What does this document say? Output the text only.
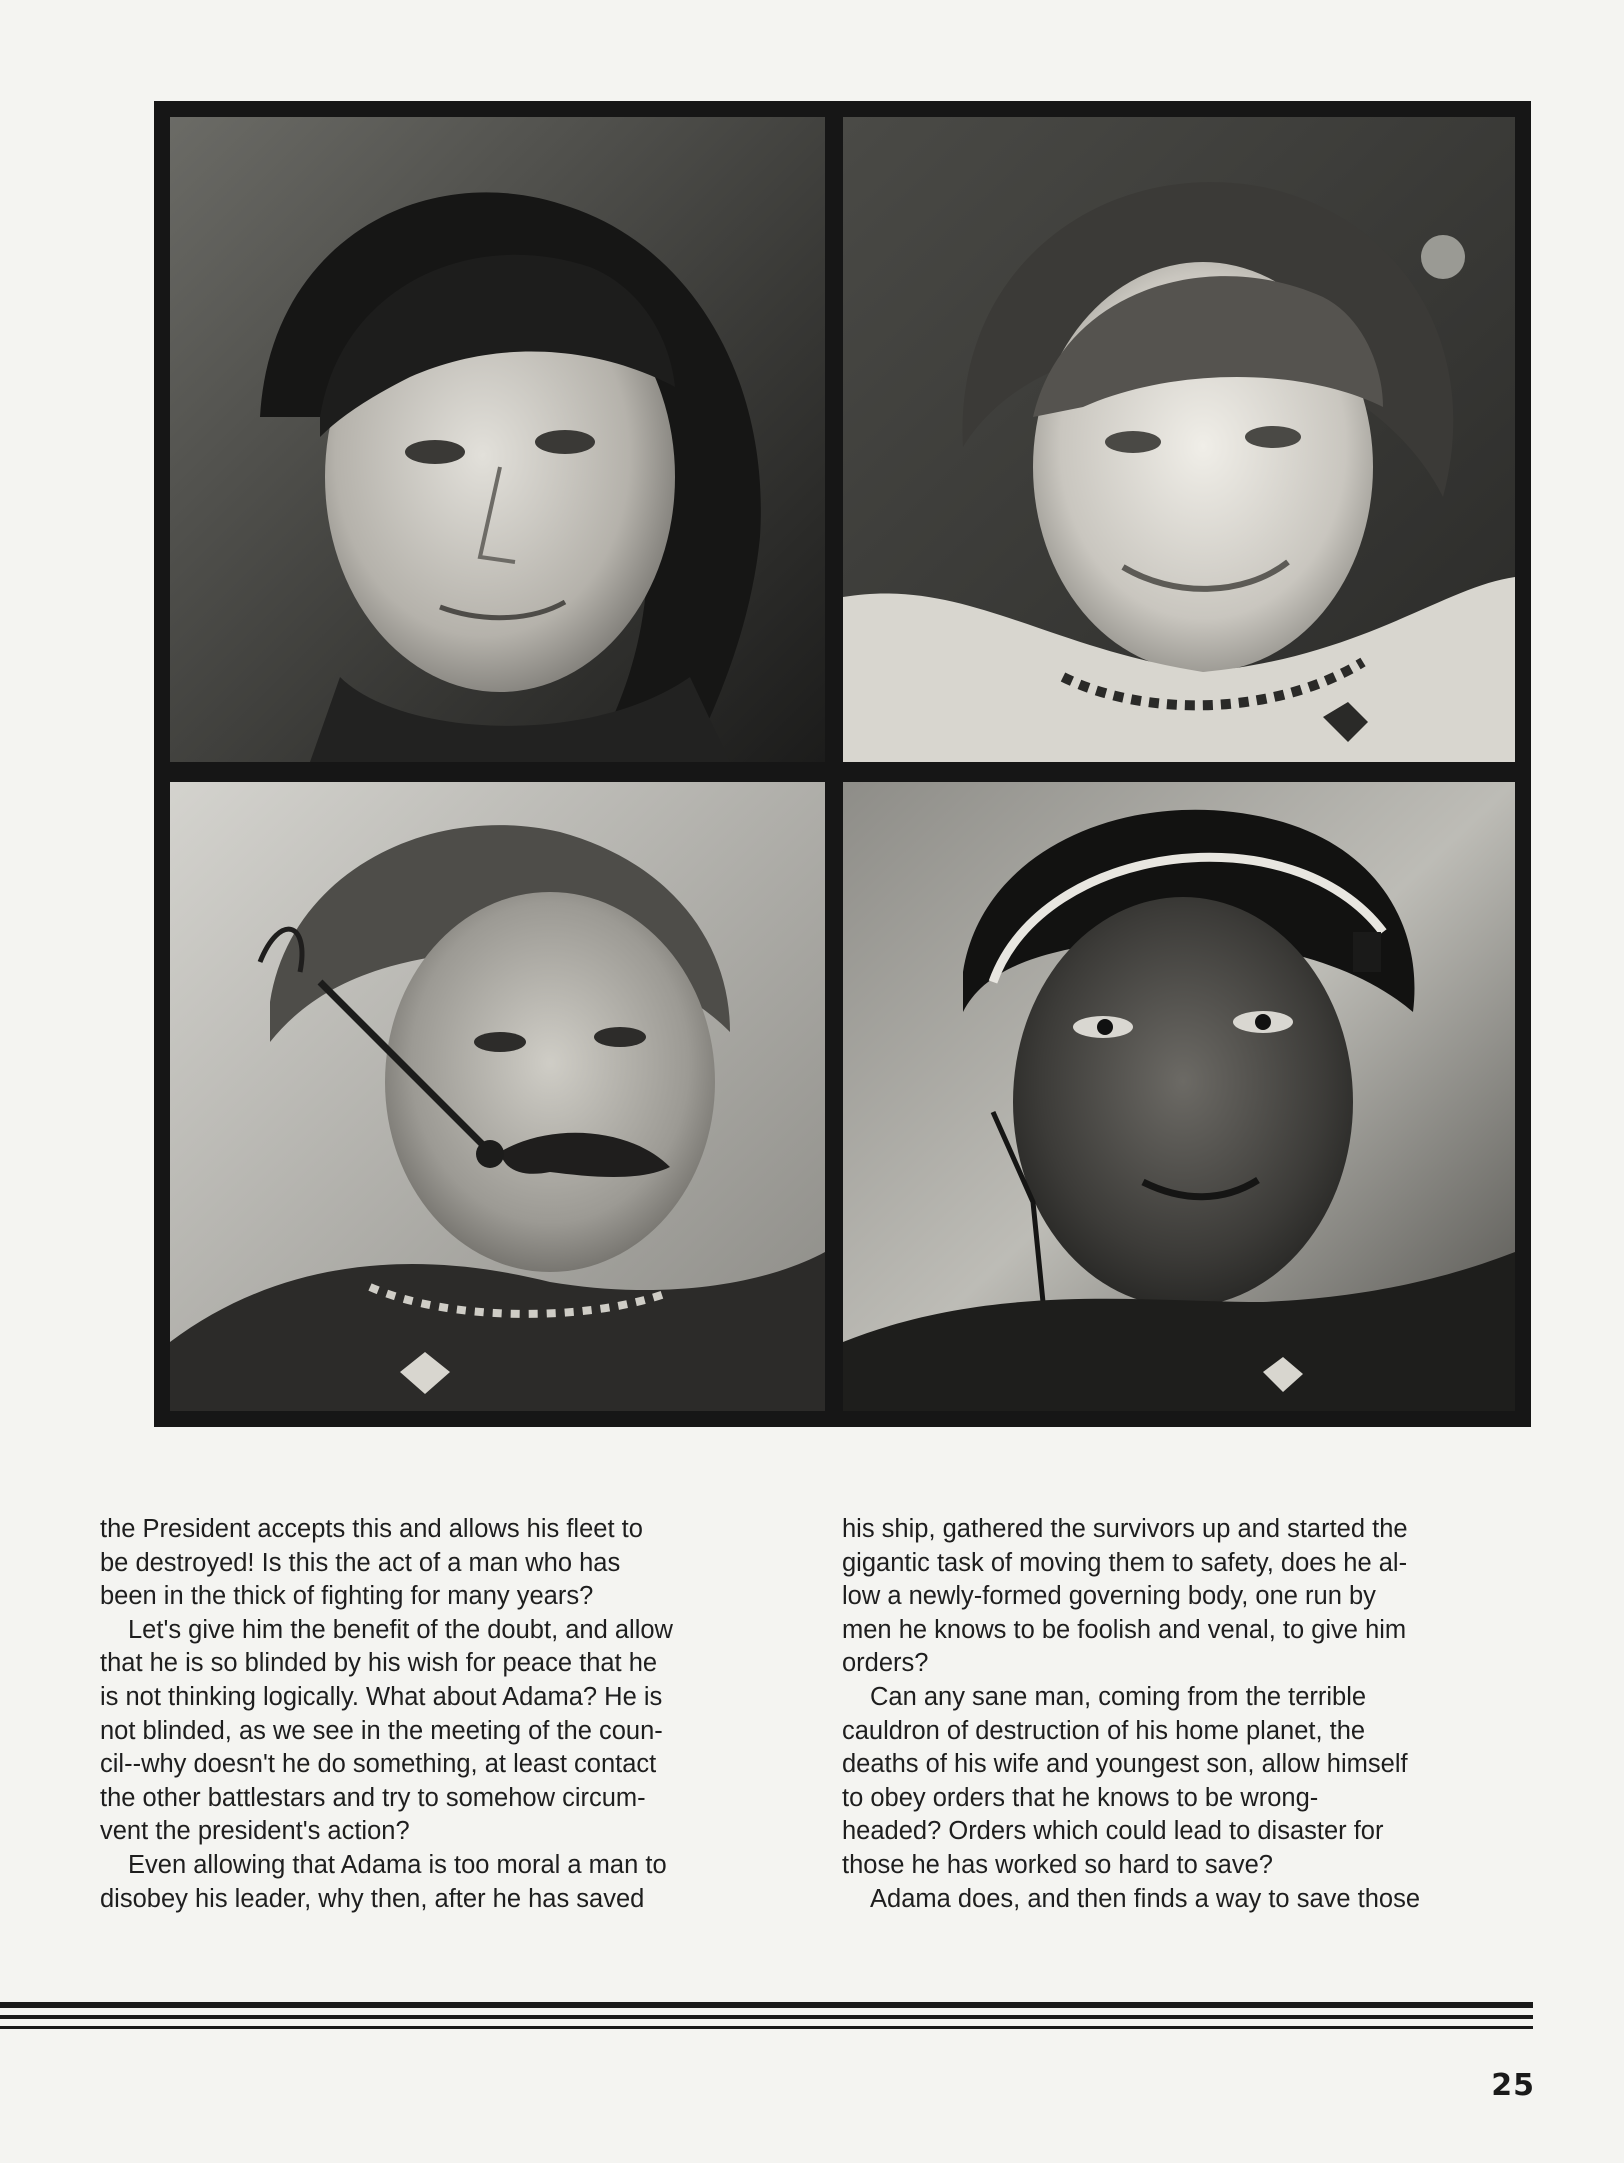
the President accepts this and allows his fleet to

be destroyed! Is this the act of a man who has

been in the thick of fighting for many years?

Let's give him the benefit of the doubt, and allow

that he is so blinded by his wish for peace that he

is not thinking logically. What about Adama? He is

not blinded, as we see in the meeting of the coun-

cil--why doesn't he do something, at least contact

the other battlestars and try to somehow circum-

vent the president's action?

Even allowing that Adama is too moral a man to

disobey his leader, why then, after he has saved

his ship, gathered the survivors up and started the

gigantic task of moving them to safety, does he al-

low a newly-formed governing body, one run by

men he knows to be foolish and venal, to give him

orders?

Can any sane man, coming from the terrible

cauldron of destruction of his home planet, the

deaths of his wife and youngest son, allow himself

to obey orders that he knows to be wrong-

headed? Orders which could lead to disaster for

those he has worked so hard to save?

Adama does, and then finds a way to save those

25
